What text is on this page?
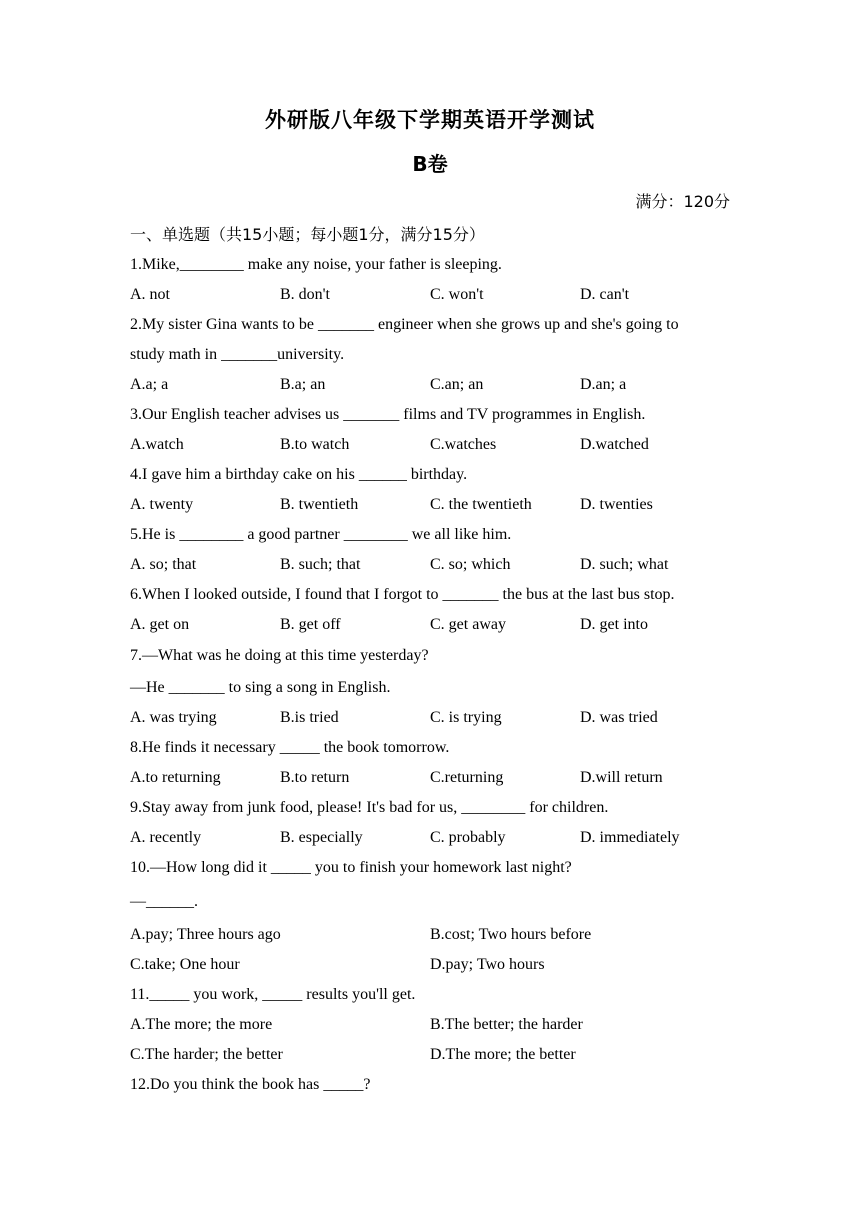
外研版八年级下学期英语开学测试
B卷
满分：120分
一、单选题（共15小题；每小题1分，满分15分）
1.Mike,________ make any noise, your father is sleeping.
A. not	B. don't	C. won't	D. can't
2.My sister Gina wants to be _______ engineer when she grows up and she's going to
study math in _______university.
A.a; a	B.a; an	C.an; an	D.an; a
3.Our English teacher advises us _______ films and TV programmes in English.
A.watch	B.to watch	C.watches	D.watched
4.I gave him a birthday cake on his ______ birthday.
A. twenty	B. twentieth	C. the twentieth	D. twenties
5.He is ________ a good partner ________ we all like him.
A. so; that	B. such; that	C. so; which	D. such; what
6.When I looked outside, I found that I forgot to _______ the bus at the last bus stop.
A. get on	B. get off	C. get away	D. get into
7.—What was he doing at this time yesterday?
—He _______ to sing a song in English.
A. was trying	B.is tried	C. is trying	D. was tried
8.He finds it necessary _____ the book tomorrow.
A.to returning	B.to return	C.returning	D.will return
9.Stay away from junk food, please! It's bad for us, ________ for children.
A. recently	B. especially	C. probably	D. immediately
10.—How long did it _____ you to finish your homework last night?
—______.
A.pay; Three hours ago	B.cost; Two hours before
C.take; One hour	D.pay; Two hours
11._____ you work, _____ results you'll get.
A.The more; the more	B.The better; the harder
C.The harder; the better	D.The more; the better
12.Do you think the book has _____?
